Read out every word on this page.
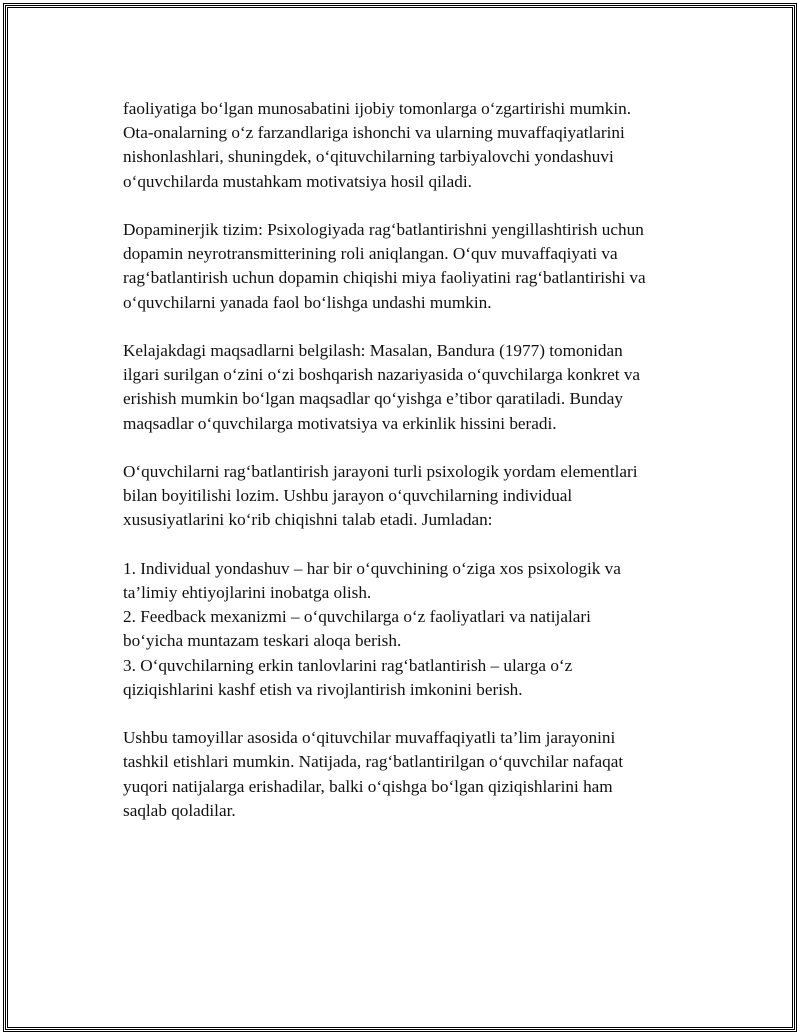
faoliyatiga bo‘lgan munosabatini ijobiy tomonlarga o‘zgartirishi mumkin.
Ota-onalarning o‘z farzandlariga ishonchi va ularning muvaffaqiyatlarini
nishonlashlari, shuningdek, o‘qituvchilarning tarbiyalovchi yondashuvi
o‘quvchilarda mustahkam motivatsiya hosil qiladi.

Dopaminerjik tizim: Psixologiyada rag‘batlantirishni yengillashtirish uchun
dopamin neyrotransmitterining roli aniqlangan. O‘quv muvaffaqiyati va
rag‘batlantirish uchun dopamin chiqishi miya faoliyatini rag‘batlantirishi va
o‘quvchilarni yanada faol bo‘lishga undashi mumkin.

Kelajakdagi maqsadlarni belgilash: Masalan, Bandura (1977) tomonidan
ilgari surilgan o‘zini o‘zi boshqarish nazariyasida o‘quvchilarga konkret va
erishish mumkin bo‘lgan maqsadlar qo‘yishga e’tibor qaratiladi. Bunday
maqsadlar o‘quvchilarga motivatsiya va erkinlik hissini beradi.

O‘quvchilarni rag‘batlantirish jarayoni turli psixologik yordam elementlari
bilan boyitilishi lozim. Ushbu jarayon o‘quvchilarning individual
xususiyatlarini ko‘rib chiqishni talab etadi. Jumladan:

1. Individual yondashuv – har bir o‘quvchining o‘ziga xos psixologik va
ta’limiy ehtiyojlarini inobatga olish.

2. Feedback mexanizmi – o‘quvchilarga o‘z faoliyatlari va natijalari
bo‘yicha muntazam teskari aloqa berish.

3. O‘quvchilarning erkin tanlovlarini rag‘batlantirish – ularga o‘z
qiziqishlarini kashf etish va rivojlantirish imkonini berish.

Ushbu tamoyillar asosida o‘qituvchilar muvaffaqiyatli ta’lim jarayonini
tashkil etishlari mumkin. Natijada, rag‘batlantirilgan o‘quvchilar nafaqat
yuqori natijalarga erishadilar, balki o‘qishga bo‘lgan qiziqishlarini ham
saqlab qoladilar.
